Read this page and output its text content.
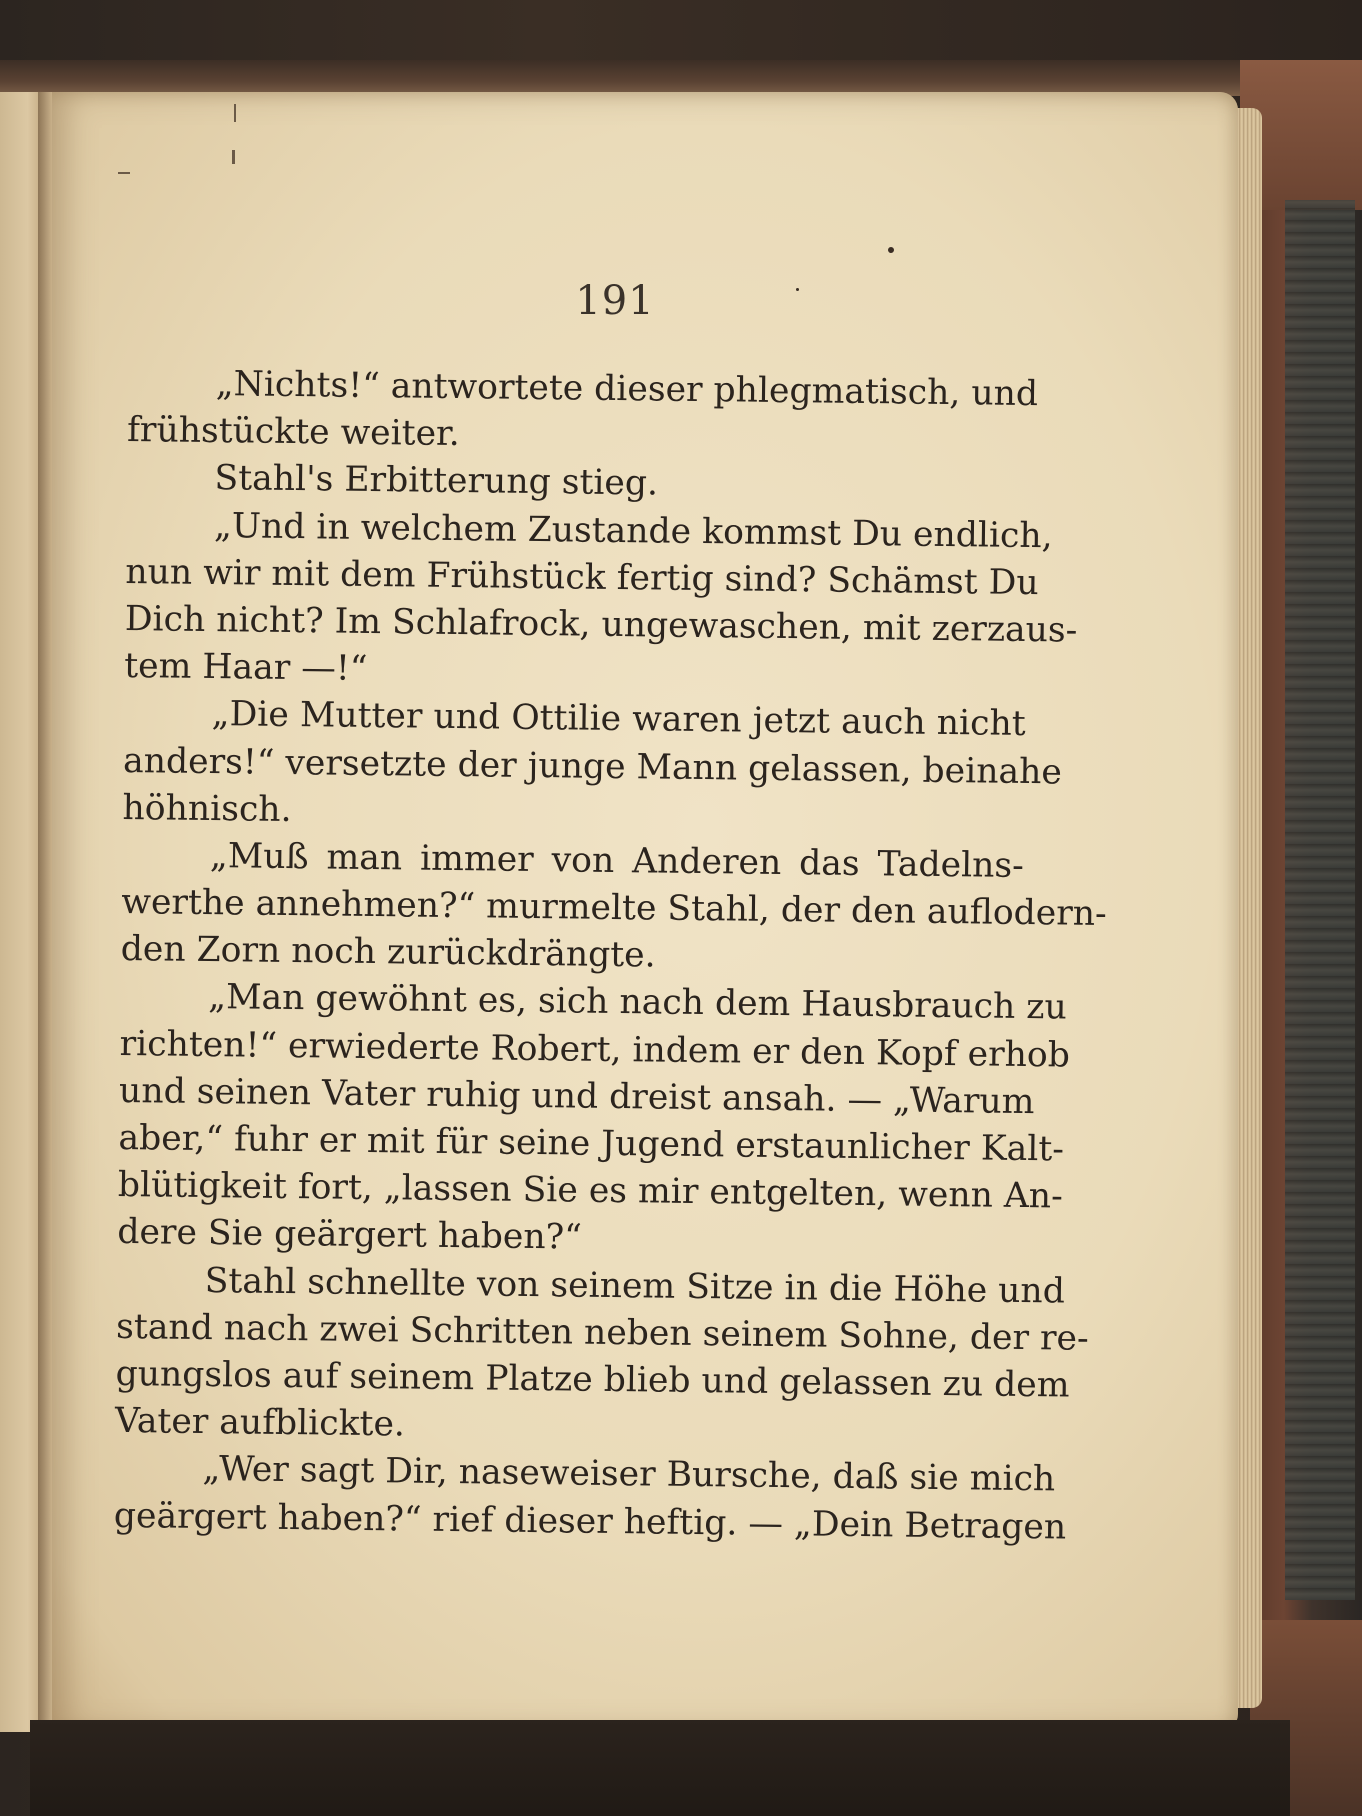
191
„Nichts!“ antwortete dieser phlegmatisch, und
frühstückte weiter.
Stahl's Erbitterung stieg.
„Und in welchem Zustande kommst Du endlich,
nun wir mit dem Frühstück fertig sind? Schämst Du
Dich nicht? Im Schlafrock, ungewaschen, mit zerzaus-
tem Haar —!“
„Die Mutter und Ottilie waren jetzt auch nicht
anders!“ versetzte der junge Mann gelassen, beinahe
höhnisch.
„Muß man immer von Anderen das Tadelns-
werthe annehmen?“ murmelte Stahl, der den auflodern-
den Zorn noch zurückdrängte.
„Man gewöhnt es, sich nach dem Hausbrauch zu
richten!“ erwiederte Robert, indem er den Kopf erhob
und seinen Vater ruhig und dreist ansah. — „Warum
aber,“ fuhr er mit für seine Jugend erstaunlicher Kalt-
blütigkeit fort, „lassen Sie es mir entgelten, wenn An-
dere Sie geärgert haben?“
Stahl schnellte von seinem Sitze in die Höhe und
stand nach zwei Schritten neben seinem Sohne, der re-
gungslos auf seinem Platze blieb und gelassen zu dem
Vater aufblickte.
„Wer sagt Dir, naseweiser Bursche, daß sie mich
geärgert haben?“ rief dieser heftig. — „Dein Betragen
